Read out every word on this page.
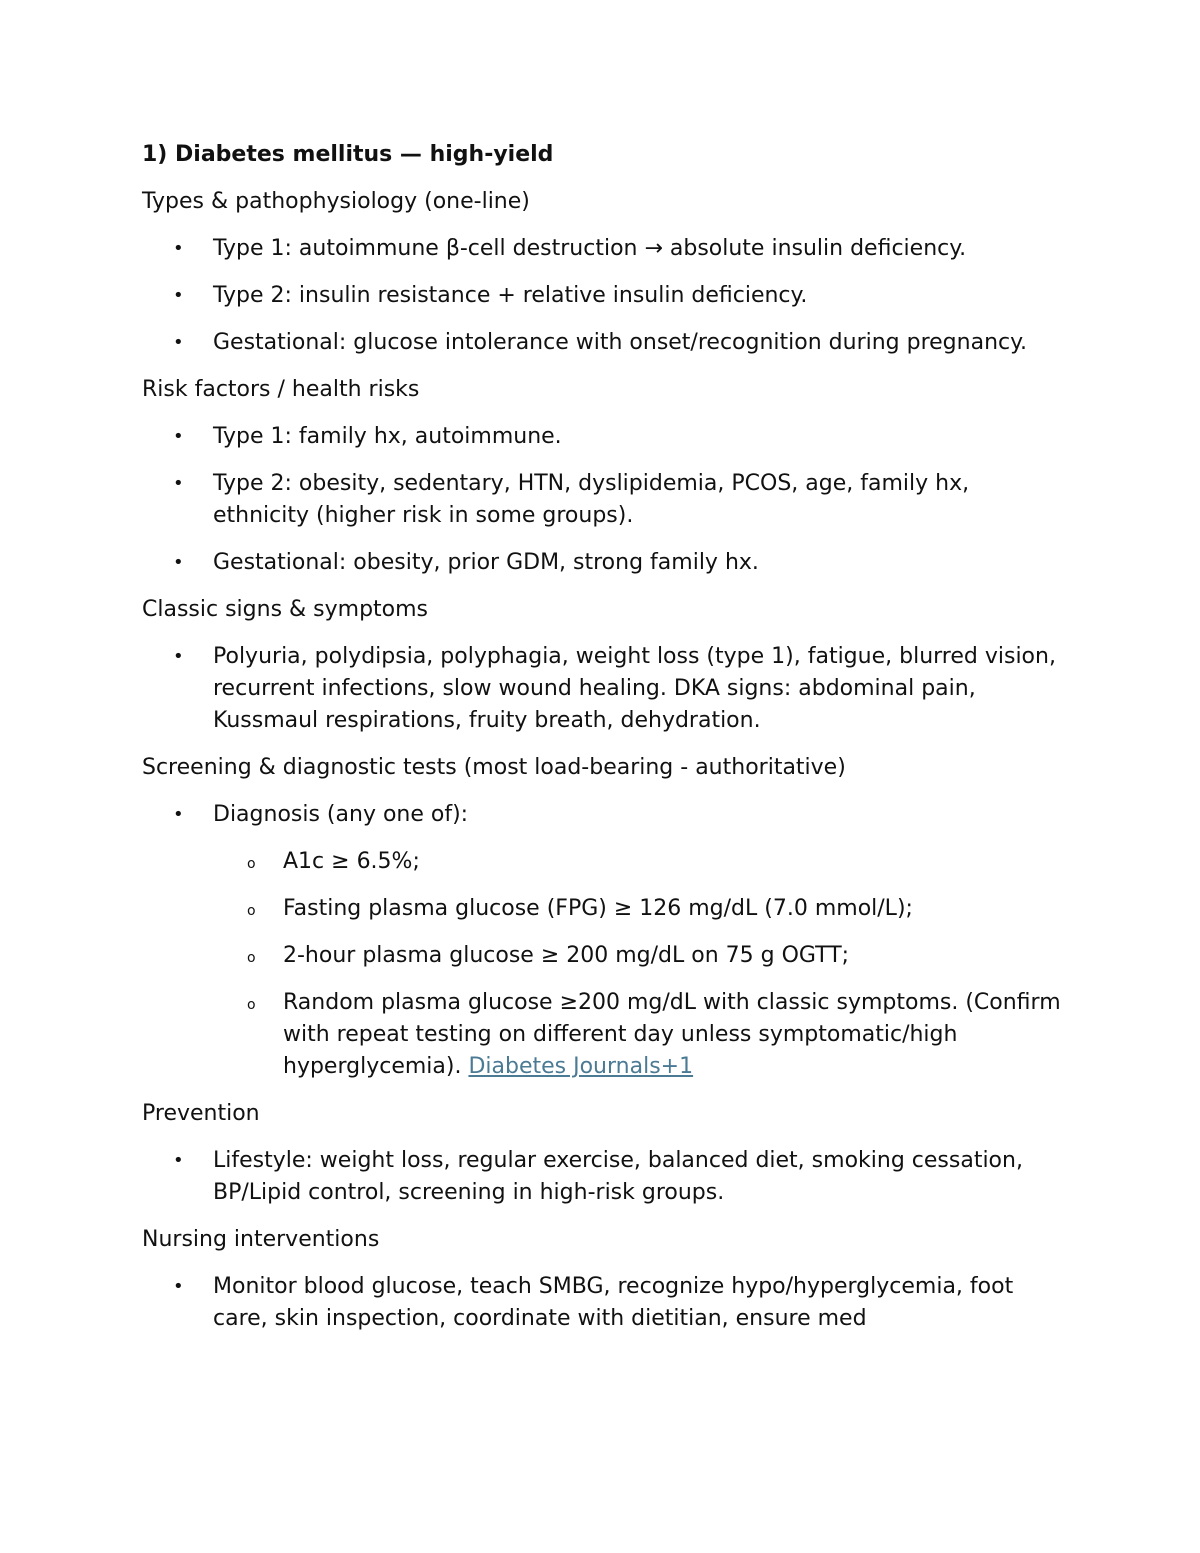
1) Diabetes mellitus — high-yield

Types & pathophysiology (one-line)

• Type 1: autoimmune β-cell destruction → absolute insulin deficiency.
• Type 2: insulin resistance + relative insulin deficiency.
• Gestational: glucose intolerance with onset/recognition during pregnancy.

Risk factors / health risks

• Type 1: family hx, autoimmune.
• Type 2: obesity, sedentary, HTN, dyslipidemia, PCOS, age, family hx, ethnicity (higher risk in some groups).
• Gestational: obesity, prior GDM, strong family hx.

Classic signs & symptoms

• Polyuria, polydipsia, polyphagia, weight loss (type 1), fatigue, blurred vision, recurrent infections, slow wound healing. DKA signs: abdominal pain, Kussmaul respirations, fruity breath, dehydration.

Screening & diagnostic tests (most load-bearing - authoritative)

• Diagnosis (any one of):
o A1c ≥ 6.5%;
o Fasting plasma glucose (FPG) ≥ 126 mg/dL (7.0 mmol/L);
o 2-hour plasma glucose ≥ 200 mg/dL on 75 g OGTT;
o Random plasma glucose ≥200 mg/dL with classic symptoms. (Confirm with repeat testing on different day unless symptomatic/high hyperglycemia). Diabetes Journals+1

Prevention

• Lifestyle: weight loss, regular exercise, balanced diet, smoking cessation, BP/Lipid control, screening in high-risk groups.

Nursing interventions

• Monitor blood glucose, teach SMBG, recognize hypo/hyperglycemia, foot care, skin inspection, coordinate with dietitian, ensure med
